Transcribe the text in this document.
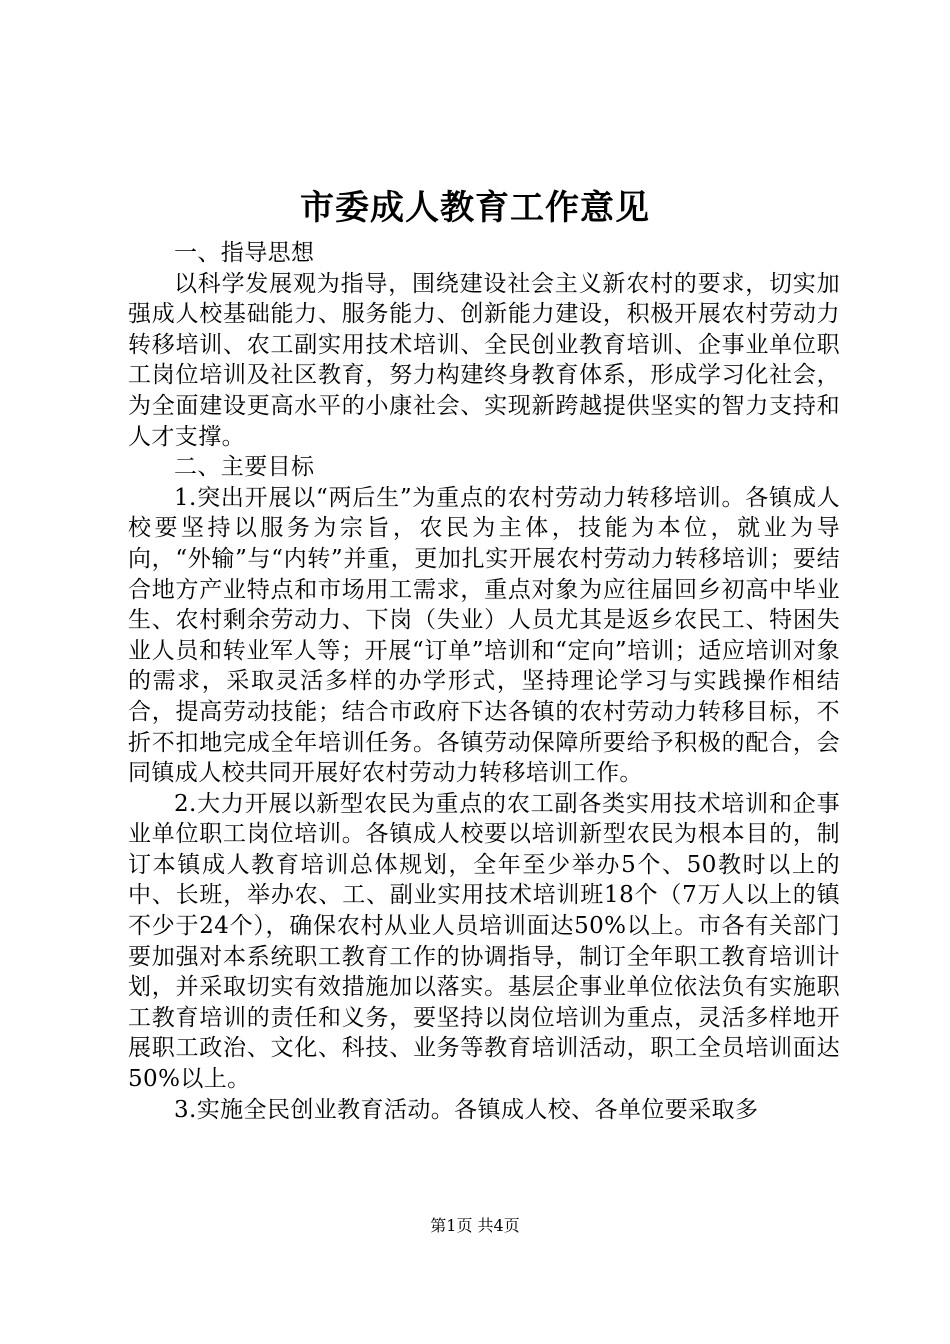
市委成人教育工作意见

一、指导思想

以科学发展观为指导，围绕建设社会主义新农村的要求，切实加强成人校基础能力、服务能力、创新能力建设，积极开展农村劳动力转移培训、农工副实用技术培训、全民创业教育培训、企事业单位职工岗位培训及社区教育，努力构建终身教育体系，形成学习化社会，为全面建设更高水平的小康社会、实现新跨越提供坚实的智力支持和人才支撑。

二、主要目标

1.突出开展以“两后生”为重点的农村劳动力转移培训。各镇成人校要坚持以服务为宗旨，农民为主体，技能为本位，就业为导向，“外输”与“内转”并重，更加扎实开展农村劳动力转移培训；要结合地方产业特点和市场用工需求，重点对象为应往届回乡初高中毕业生、农村剩余劳动力、下岗（失业）人员尤其是返乡农民工、特困失业人员和转业军人等；开展“订单”培训和“定向”培训；适应培训对象的需求，采取灵活多样的办学形式，坚持理论学习与实践操作相结合，提高劳动技能；结合市政府下达各镇的农村劳动力转移目标，不折不扣地完成全年培训任务。各镇劳动保障所要给予积极的配合，会同镇成人校共同开展好农村劳动力转移培训工作。

2.大力开展以新型农民为重点的农工副各类实用技术培训和企事业单位职工岗位培训。各镇成人校要以培训新型农民为根本目的，制订本镇成人教育培训总体规划，全年至少举办5个、50教时以上的中、长班，举办农、工、副业实用技术培训班18个（7万人以上的镇不少于24个），确保农村从业人员培训面达50%以上。市各有关部门要加强对本系统职工教育工作的协调指导，制订全年职工教育培训计划，并采取切实有效措施加以落实。基层企事业单位依法负有实施职工教育培训的责任和义务，要坚持以岗位培训为重点，灵活多样地开展职工政治、文化、科技、业务等教育培训活动，职工全员培训面达50%以上。

3.实施全民创业教育活动。各镇成人校、各单位要采取多

第1页 共4页
